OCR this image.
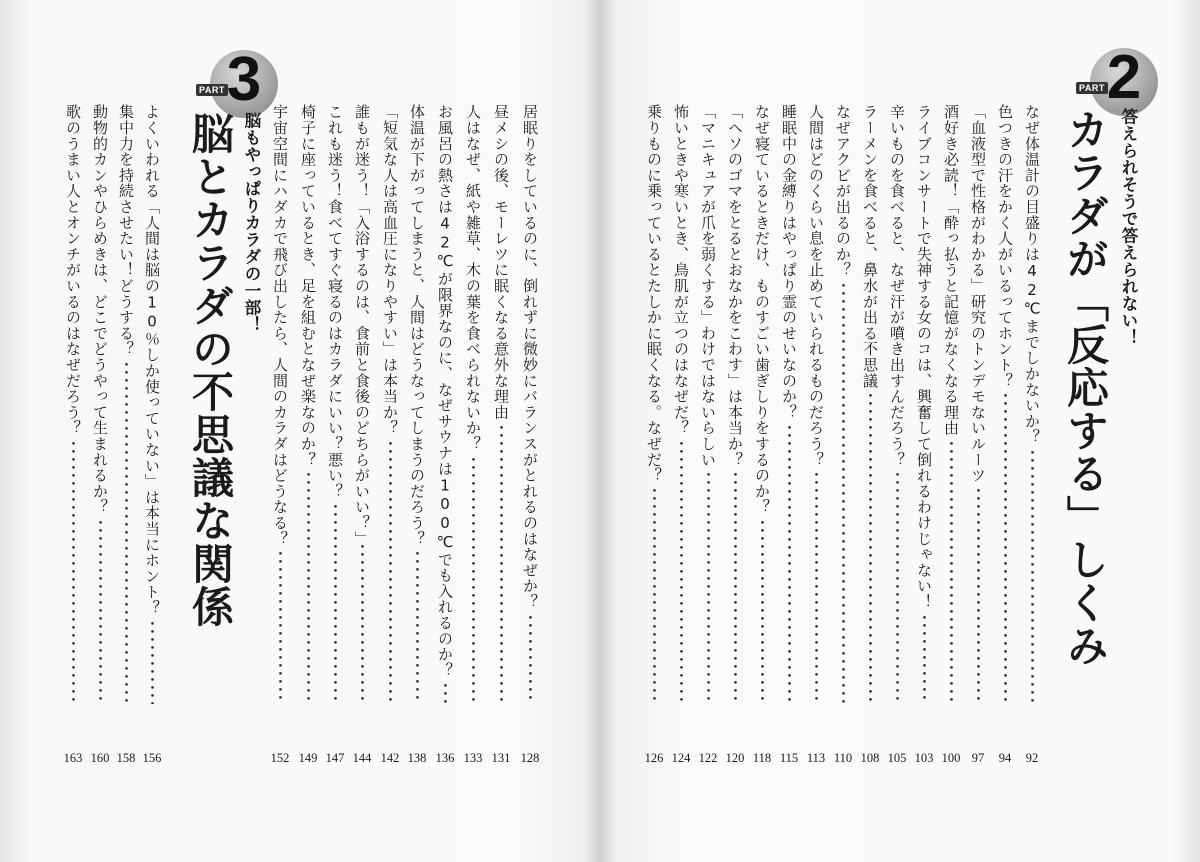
PART 3
脳もやっぱりカラダの一部！
脳とカラダの不思議な関係	居眠りをしているのに、倒れずに微妙にバランスがとれるのはなぜか？ ・・・・・・・・・・・・・・・・・・・・・・・・・・・・・・・・・・・・・・・・・・・・・・・・・・・・・・・・・・・・
128
昼メシの後、モーレツに眠くなる意外な理由 ・・・・・・・・・・・・・・・・・・・・・・・・・・・・・・・・・・・・・・・・・・・・・・・・・・・・・・・・・・・・
131
人はなぜ、紙や雑草、木の葉を食べられないか？ ・・・・・・・・・・・・・・・・・・・・・・・・・・・・・・・・・・・・・・・・・・・・・・・・・・・・・・・・・・・・
133
お風呂の熱さは42℃が限界なのに、なぜサウナは100℃でも入れるのか？ ・・・・・・・・・・・・・・・・・・・・・・・・・・・・・・・・・・・・・・・・・・・・・・・・・・・・・・・・・・・・
136
体温が下がってしまうと、人間はどうなってしまうのだろう？ ・・・・・・・・・・・・・・・・・・・・・・・・・・・・・・・・・・・・・・・・・・・・・・・・・・・・・・・・・・・・
138
「短気な人は高血圧になりやすい」は本当か？ ・・・・・・・・・・・・・・・・・・・・・・・・・・・・・・・・・・・・・・・・・・・・・・・・・・・・・・・・・・・・
142
誰もが迷う！「入浴するのは、食前と食後のどちらがいい？」 ・・・・・・・・・・・・・・・・・・・・・・・・・・・・・・・・・・・・・・・・・・・・・・・・・・・・・・・・・・・・
144
これも迷う！食べてすぐ寝るのはカラダにいい？悪い？ ・・・・・・・・・・・・・・・・・・・・・・・・・・・・・・・・・・・・・・・・・・・・・・・・・・・・・・・・・・・・
147
椅子に座っているとき、足を組むとなぜ楽なのか？ ・・・・・・・・・・・・・・・・・・・・・・・・・・・・・・・・・・・・・・・・・・・・・・・・・・・・・・・・・・・・
149
宇宙空間にハダカで飛び出したら、人間のカラダはどうなる？ ・・・・・・・・・・・・・・・・・・・・・・・・・・・・・・・・・・・・・・・・・・・・・・・・・・・・・・・・・・・・
152
よくいわれる「人間は脳の10％しか使っていない」は本当にホント？ ・・・・・・・・・・・・・・・・・・・・・・・・・・・・・・・・・・・・・・・・・・・・・・・・・・・・・・・・・・・・
156
集中力を持続させたい！どうする？ ・・・・・・・・・・・・・・・・・・・・・・・・・・・・・・・・・・・・・・・・・・・・・・・・・・・・・・・・・・・・
158
動物的カンやひらめきは、どこでどうやって生まれるか？ ・・・・・・・・・・・・・・・・・・・・・・・・・・・・・・・・・・・・・・・・・・・・・・・・・・・・・・・・・・・・
160
歌のうまい人とオンチがいるのはなぜだろう？ ・・・・・・・・・・・・・・・・・・・・・・・・・・・・・・・・・・・・・・・・・・・・・・・・・・・・・・・・・・・・
163
PART 2
答えられそうで答えられない！
カラダが「反応する」しくみ
なぜ体温計の目盛りは42℃までしかないか？ ・・・・・・・・・・・・・・・・・・・・・・・・・・・・・・・・・・・・・・・・・・・・・・・・・・・・・・・・・・・・
92
色つきの汗をかく人がいるってホント？ ・・・・・・・・・・・・・・・・・・・・・・・・・・・・・・・・・・・・・・・・・・・・・・・・・・・・・・・・・・・・
94
「血液型で性格がわかる」研究のトンデモないルーツ ・・・・・・・・・・・・・・・・・・・・・・・・・・・・・・・・・・・・・・・・・・・・・・・・・・・・・・・・・・・・
97
酒好き必読！「酔っ払うと記憶がなくなる理由 ・・・・・・・・・・・・・・・・・・・・・・・・・・・・・・・・・・・・・・・・・・・・・・・・・・・・・・・・・・・・
100
ライブコンサートで失神する女のコは、興奮して倒れるわけじゃない！ ・・・・・・・・・・・・・・・・・・・・・・・・・・・・・・・・・・・・・・・・・・・・・・・・・・・・・・・・・・・・
103
辛いものを食べると、なぜ汗が噴き出すんだろう？ ・・・・・・・・・・・・・・・・・・・・・・・・・・・・・・・・・・・・・・・・・・・・・・・・・・・・・・・・・・・・
105
ラーメンを食べると、鼻水が出る不思議 ・・・・・・・・・・・・・・・・・・・・・・・・・・・・・・・・・・・・・・・・・・・・・・・・・・・・・・・・・・・・
108
なぜアクビが出るのか？ ・・・・・・・・・・・・・・・・・・・・・・・・・・・・・・・・・・・・・・・・・・・・・・・・・・・・・・・・・・・・
110
人間はどのくらい息を止めていられるものだろう？ ・・・・・・・・・・・・・・・・・・・・・・・・・・・・・・・・・・・・・・・・・・・・・・・・・・・・・・・・・・・・
113
睡眠中の金縛りはやっぱり霊のせいなのか？ ・・・・・・・・・・・・・・・・・・・・・・・・・・・・・・・・・・・・・・・・・・・・・・・・・・・・・・・・・・・・
115
なぜ寝ているときだけ、ものすごい歯ぎしりをするのか？ ・・・・・・・・・・・・・・・・・・・・・・・・・・・・・・・・・・・・・・・・・・・・・・・・・・・・・・・・・・・・
118
「ヘソのゴマをとるとおなかをこわす」は本当か？ ・・・・・・・・・・・・・・・・・・・・・・・・・・・・・・・・・・・・・・・・・・・・・・・・・・・・・・・・・・・・
120
「マニキュアが爪を弱くする」わけではないらしい ・・・・・・・・・・・・・・・・・・・・・・・・・・・・・・・・・・・・・・・・・・・・・・・・・・・・・・・・・・・・
122
怖いときや寒いとき、鳥肌が立つのはなぜだ？ ・・・・・・・・・・・・・・・・・・・・・・・・・・・・・・・・・・・・・・・・・・・・・・・・・・・・・・・・・・・・
124
乗りものに乗っているとたしかに眠くなる。なぜだ？ ・・・・・・・・・・・・・・・・・・・・・・・・・・・・・・・・・・・・・・・・・・・・・・・・・・・・・・・・・・・・
126
